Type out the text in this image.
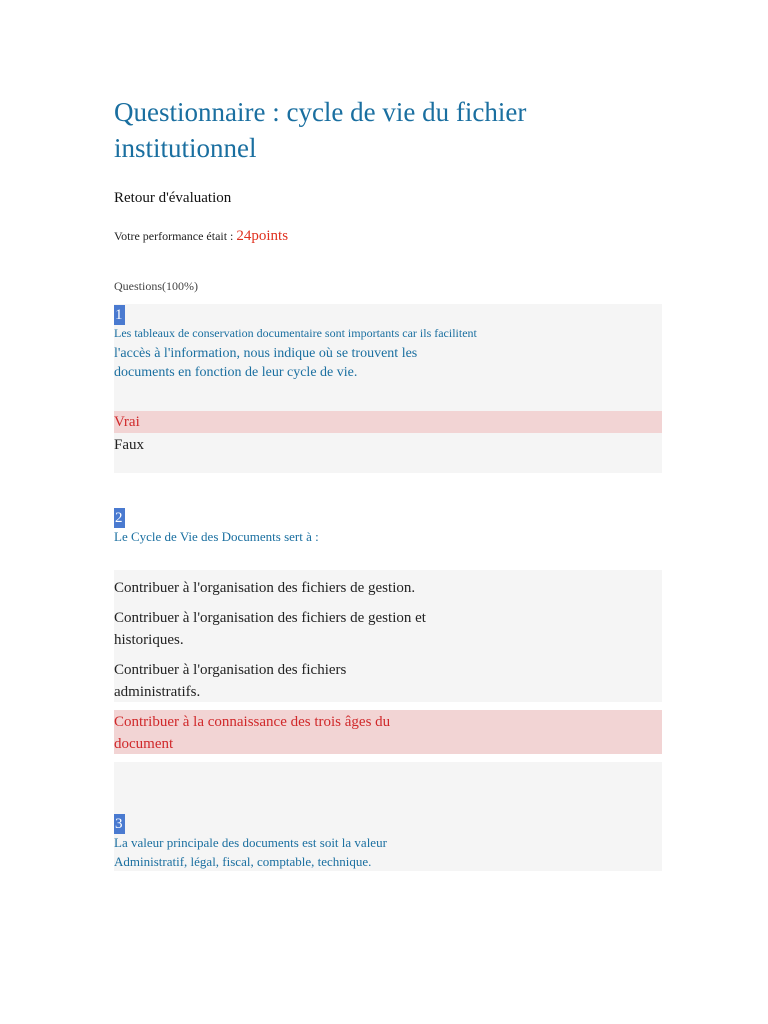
Questionnaire : cycle de vie du fichier institutionnel
Retour d'évaluation
Votre performance était : 24points
Questions(100%)
1
Les tableaux de conservation documentaire sont importants car ils facilitent
l'accès à l'information, nous indique où se trouvent les
documents en fonction de leur cycle de vie.
Vrai
Faux
2
Le Cycle de Vie des Documents sert à :
Contribuer à l'organisation des fichiers de gestion.
Contribuer à l'organisation des fichiers de gestion et
historiques.
Contribuer à l'organisation des fichiers
administratifs.
Contribuer à la connaissance des trois âges du
document
3
La valeur principale des documents est soit la valeur
Administratif, légal, fiscal, comptable, technique.
